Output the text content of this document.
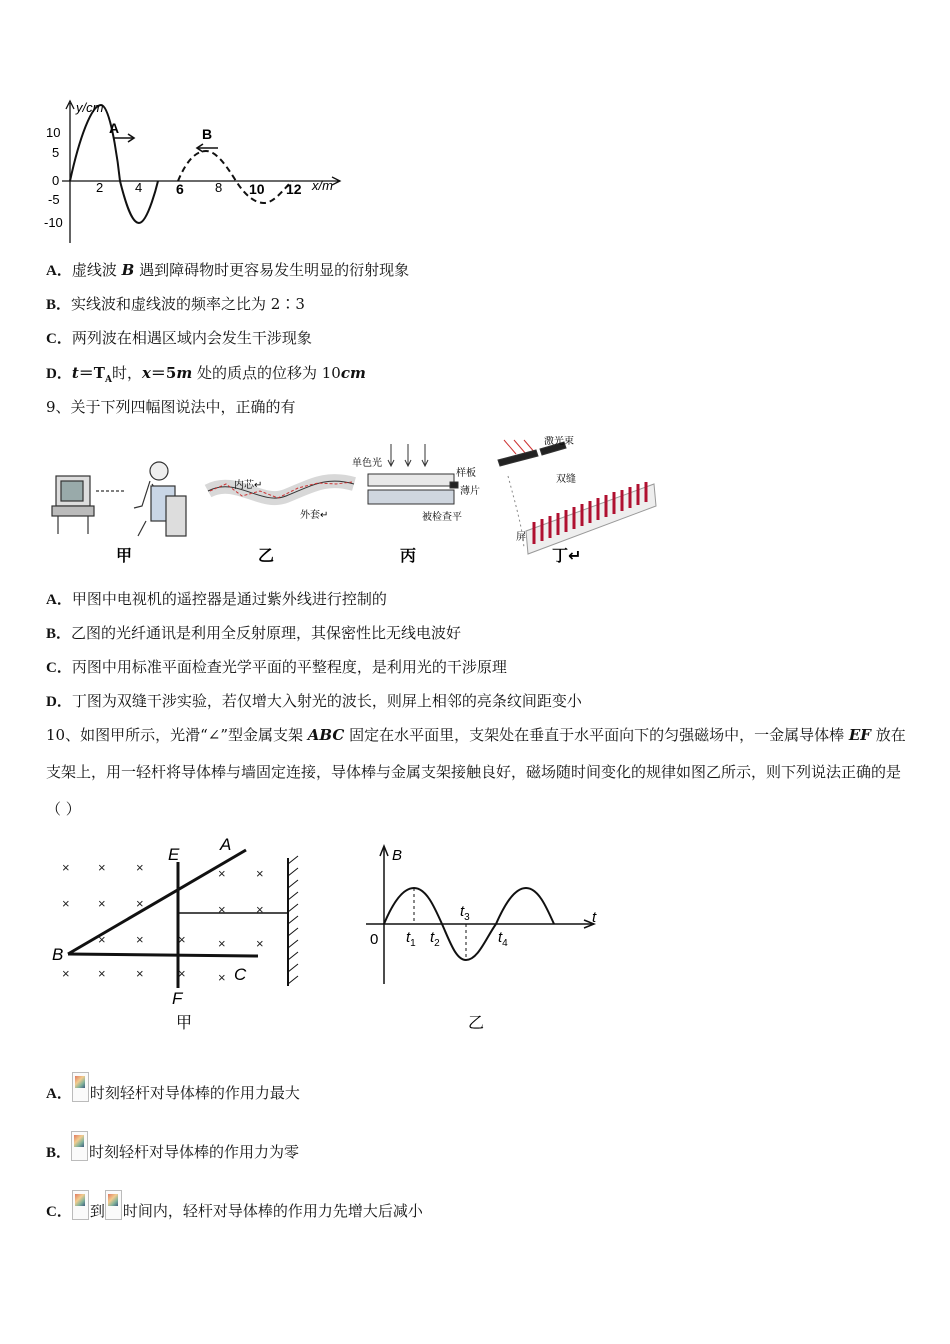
y/cm
x/m
10
5
0
-5
-10
2 4 6 8 10 12
A	B
A．虚线波 B 遇到障碍物时更容易发生明显的衍射现象
B．实线波和虚线波的频率之比为 2∶3
C．两列波在相遇区域内会发生干涉现象
D．$t=T_A$时，x＝5m 处的质点的位移为 10cm
9、关于下列四幅图说法中，正确的有
甲
内芯↵
外套↵
乙
单色光
样板
薄片
被检查平
丙
激光束
双缝
屏
丁↵
A．甲图中电视机的遥控器是通过紫外线进行控制的
B．乙图的光纤通讯是利用全反射原理，其保密性比无线电波好
C．丙图中用标准平面检查光学平面的平整程度，是利用光的干涉原理
D．丁图为双缝干涉实验，若仅增大入射光的波长，则屏上相邻的亮条纹间距变小
10、如图甲所示，光滑“∠”型金属支架 ABC 固定在水平面里，支架处在垂直于水平面向下的匀强磁场中，一金属导体棒 EF 放在支架上，用一轻杆将导体棒与墙固定连接，导体棒与金属支架接触良好，磁场随时间变化的规律如图乙所示，则下列说法正确的是（ ）
× × ×	× ×
× × ×	× ×
× ×	× × ×
× × ×	× ×
A
B
C
E
F
甲
B
t
0 $t_1$ $t_2$
$t_3$
$t_4$
乙
A． 时刻轻杆对导体棒的作用力最大
B． 时刻轻杆对导体棒的作用力为零
C． 到 时间内，轻杆对导体棒的作用力先增大后减小
